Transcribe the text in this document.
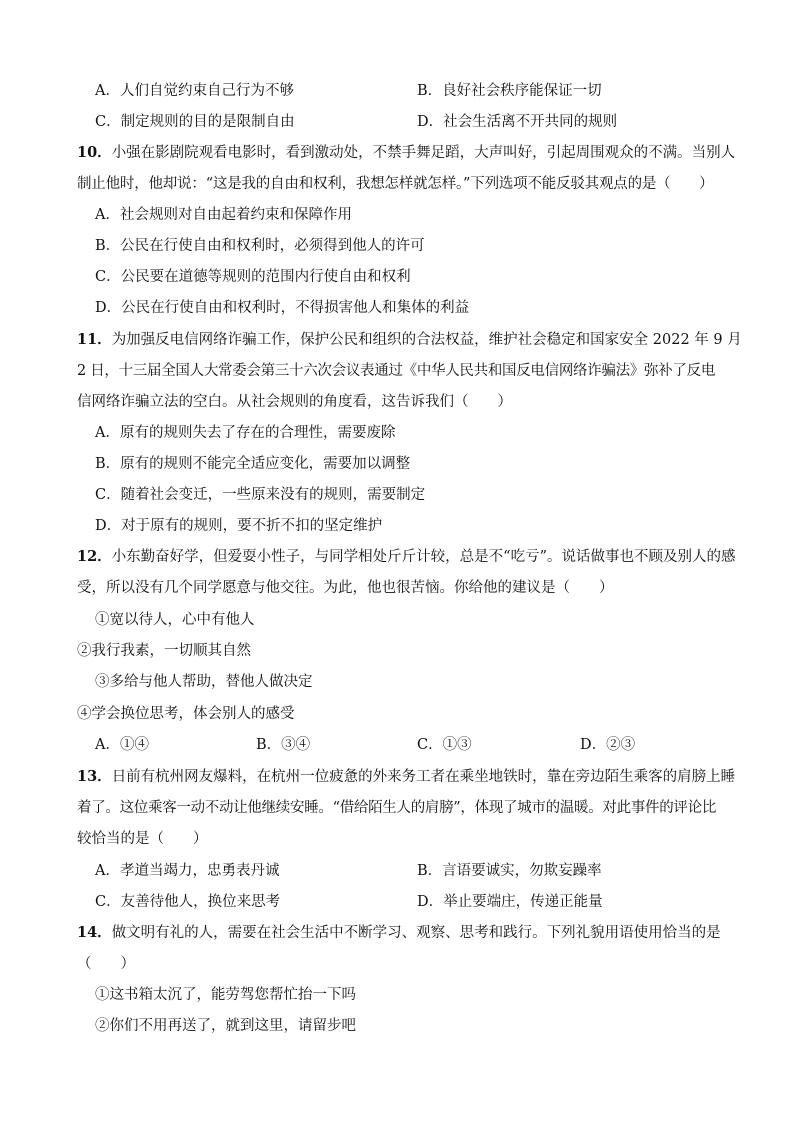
A．人们自觉约束自己行为不够	B．良好社会秩序能保证一切
C．制定规则的目的是限制自由	D．社会生活离不开共同的规则
10．小强在影剧院观看电影时，看到激动处，不禁手舞足蹈，大声叫好，引起周围观众的不满。当别人
制止他时，他却说：“这是我的自由和权利，我想怎样就怎样。”下列选项不能反驳其观点的是（　　）
A．社会规则对自由起着约束和保障作用
B．公民在行使自由和权利时，必须得到他人的许可
C．公民要在道德等规则的范围内行使自由和权利
D．公民在行使自由和权利时，不得损害他人和集体的利益
11．为加强反电信网络诈骗工作，保护公民和组织的合法权益，维护社会稳定和国家安全 2022 年 9 月
2 日，十三届全国人大常委会第三十六次会议表通过《中华人民共和国反电信网络诈骗法》弥补了反电
信网络诈骗立法的空白。从社会规则的角度看，这告诉我们（　　）
A．原有的规则失去了存在的合理性，需要废除
B．原有的规则不能完全适应变化，需要加以调整
C．随着社会变迁，一些原来没有的规则，需要制定
D．对于原有的规则，要不折不扣的坚定维护
12．小东勤奋好学，但爱耍小性子，与同学相处斤斤计较，总是不“吃亏”。说话做事也不顾及别人的感
受，所以没有几个同学愿意与他交往。为此，他也很苦恼。你给他的建议是（　　）
①宽以待人，心中有他人
②我行我素，一切顺其自然
③多给与他人帮助，替他人做决定
④学会换位思考，体会别人的感受
A．①④	B．③④	C．①③	D．②③
13．日前有杭州网友爆料，在杭州一位疲惫的外来务工者在乘坐地铁时，靠在旁边陌生乘客的肩膀上睡
着了。这位乘客一动不动让他继续安睡。“借给陌生人的肩膀”，体现了城市的温暖。对此事件的评论比
较恰当的是（　　）
A．孝道当竭力，忠勇表丹诚	B．言语要诚实，勿欺妄躁率
C．友善待他人，换位来思考	D．举止要端庄，传递正能量
14．做文明有礼的人，需要在社会生活中不断学习、观察、思考和践行。下列礼貌用语使用恰当的是
（　　）
①这书箱太沉了，能劳驾您帮忙抬一下吗
②你们不用再送了，就到这里，请留步吧
